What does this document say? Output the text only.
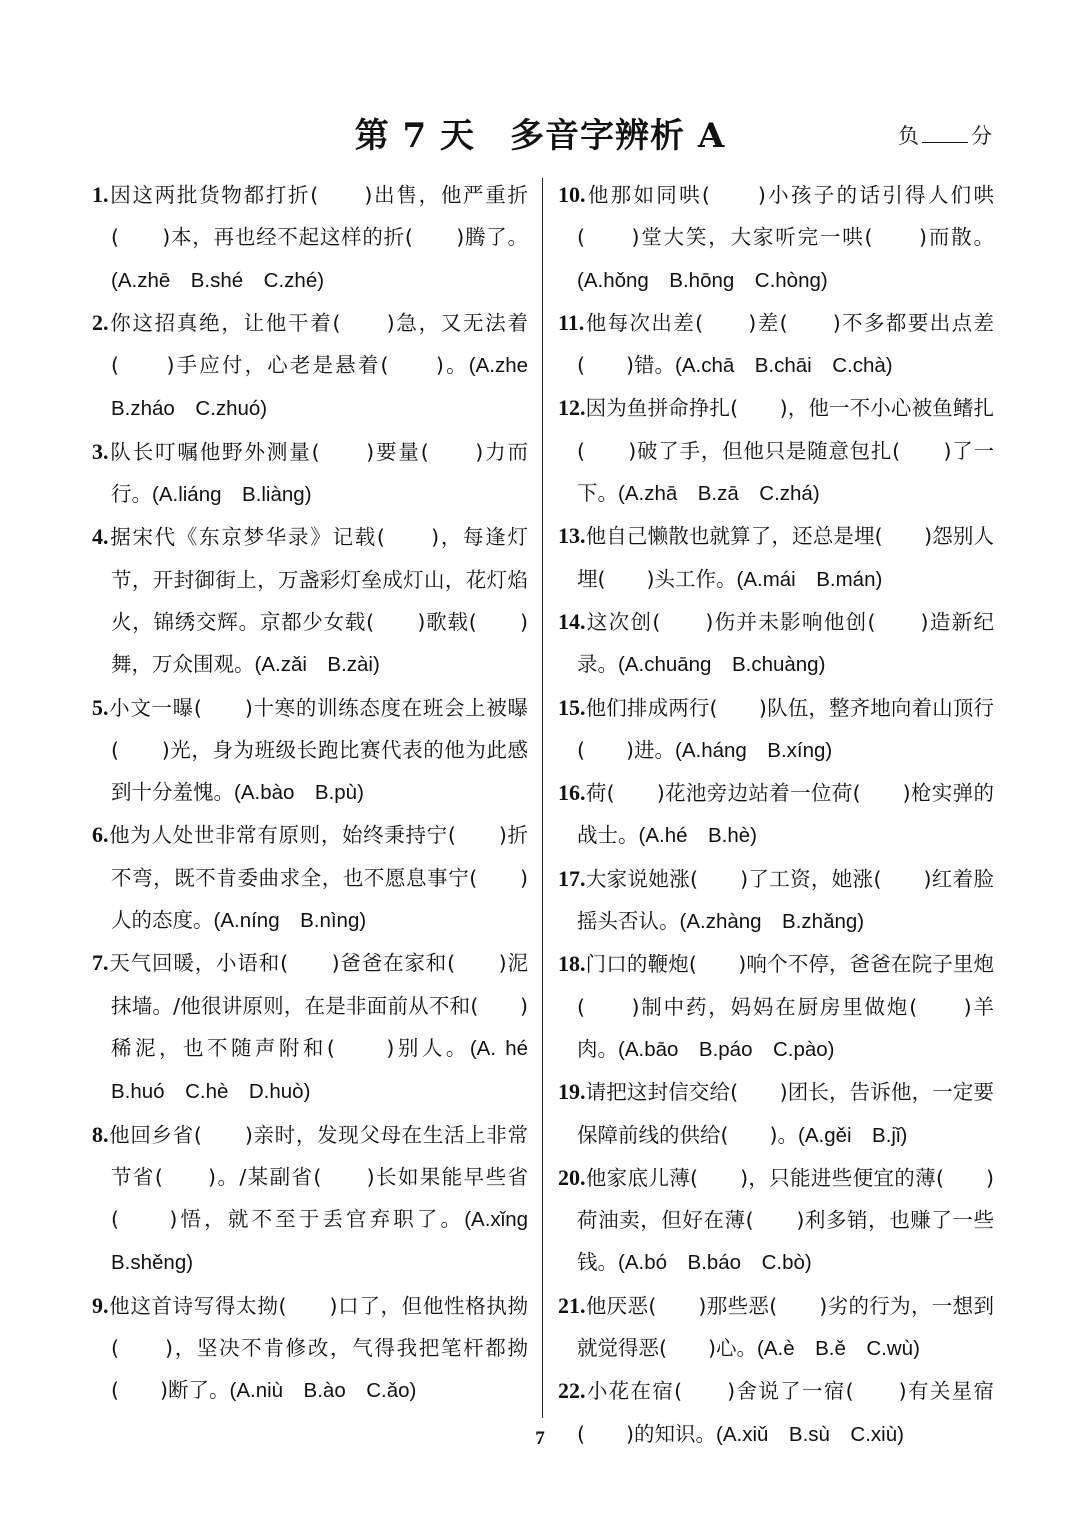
第 7 天　多音字辨析 A	负 分
1.因这两批货物都打折(　　)出售，他严重折(　　)本，再也经不起这样的折(　　)腾了。(A.zhē　B.shé　C.zhé)
2.你这招真绝，让他干着(　　)急，又无法着(　　)手应付，心老是悬着(　　)。(A.zhe　B.zháo　C.zhuó)
3.队长叮嘱他野外测量(　　)要量(　　)力而行。(A.liáng　B.liàng)
4.据宋代《东京梦华录》记载(　　)，每逢灯节，开封御街上，万盏彩灯垒成灯山，花灯焰火，锦绣交辉。京都少女载(　　)歌载(　　)舞，万众围观。(A.zǎi　B.zài)
5.小文一曝(　　)十寒的训练态度在班会上被曝(　　)光，身为班级长跑比赛代表的他为此感到十分羞愧。(A.bào　B.pù)
6.他为人处世非常有原则，始终秉持宁(　　)折不弯，既不肯委曲求全，也不愿息事宁(　　)人的态度。(A.níng　B.nìng)
7.天气回暖，小语和(　　)爸爸在家和(　　)泥抹墙。/他很讲原则，在是非面前从不和(　　)稀泥，也不随声附和(　　)别人。(A. hé　B.huó　C.hè　D.huò)
8.他回乡省(　　)亲时，发现父母在生活上非常节省(　　)。/某副省(　　)长如果能早些省(　　)悟，就不至于丢官弃职了。(A.xǐng　B.shěng)
9.他这首诗写得太拗(　　)口了，但他性格执拗(　　)，坚决不肯修改，气得我把笔杆都拗(　　)断了。(A.niù　B.ào　C.ǎo)
10.他那如同哄(　　)小孩子的话引得人们哄(　　)堂大笑，大家听完一哄(　　)而散。(A.hǒng　B.hōng　C.hòng)
11.他每次出差(　　)差(　　)不多都要出点差(　　)错。(A.chā　B.chāi　C.chà)
12.因为鱼拼命挣扎(　　)，他一不小心被鱼鳍扎(　　)破了手，但他只是随意包扎(　　)了一下。(A.zhā　B.zā　C.zhá)
13.他自己懒散也就算了，还总是埋(　　)怨别人埋(　　)头工作。(A.mái　B.mán)
14.这次创(　　)伤并未影响他创(　　)造新纪录。(A.chuāng　B.chuàng)
15.他们排成两行(　　)队伍，整齐地向着山顶行(　　)进。(A.háng　B.xíng)
16.荷(　　)花池旁边站着一位荷(　　)枪实弹的战士。(A.hé　B.hè)
17.大家说她涨(　　)了工资，她涨(　　)红着脸摇头否认。(A.zhàng　B.zhǎng)
18.门口的鞭炮(　　)响个不停，爸爸在院子里炮(　　)制中药，妈妈在厨房里做炮(　　)羊肉。(A.bāo　B.páo　C.pào)
19.请把这封信交给(　　)团长，告诉他，一定要保障前线的供给(　　)。(A.gěi　B.jǐ)
20.他家底儿薄(　　)，只能进些便宜的薄(　　)荷油卖，但好在薄(　　)利多销，也赚了一些钱。(A.bó　B.báo　C.bò)
21.他厌恶(　　)那些恶(　　)劣的行为，一想到就觉得恶(　　)心。(A.è　B.ě　C.wù)
22.小花在宿(　　)舍说了一宿(　　)有关星宿(　　)的知识。(A.xiǔ　B.sù　C.xiù)
7
